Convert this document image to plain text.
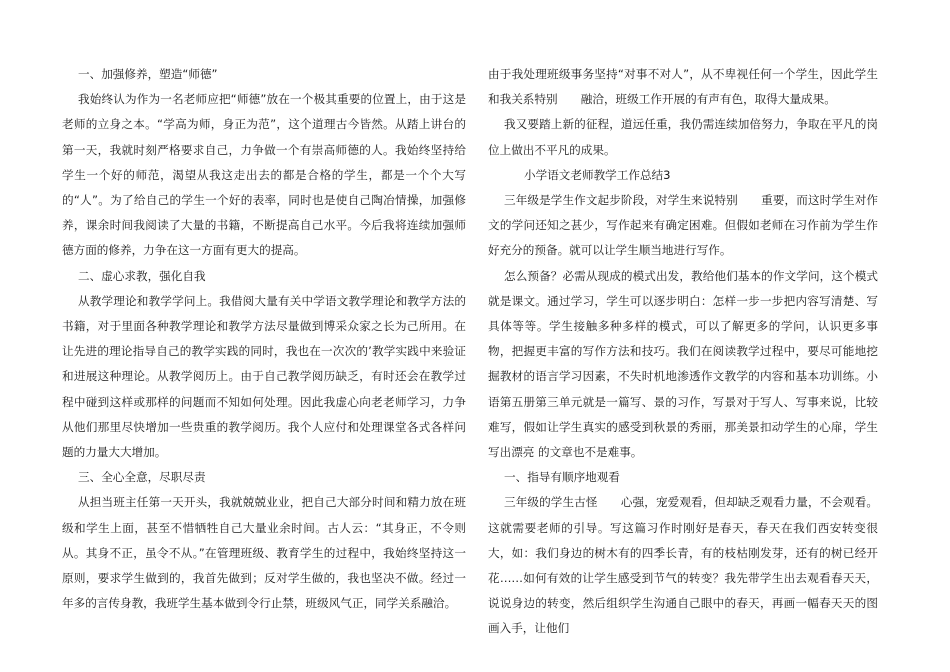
一、加强修养，塑造“师德”

我始终认为作为一名老师应把“师德”放在一个极其重要的位置上，由于这是老师的立身之本。“学高为师，身正为范”，这个道理古今皆然。从踏上讲台的第一天，我就时刻严格要求自己，力争做一个有崇高师德的人。我始终坚持给学生一个好的师范，渴望从我这走出去的都是合格的学生，都是一个个大写的“人”。为了给自己的学生一个好的表率，同时也是使自己陶冶情操，加强修养，课余时间我阅读了大量的书籍，不断提高自己水平。今后我将连续加强师德方面的修养，力争在这一方面有更大的提高。

二、虚心求教，强化自我

从教学理论和教学学问上。我借阅大量有关中学语文教学理论和教学方法的书籍，对于里面各种教学理论和教学方法尽量做到博采众家之长为己所用。在让先进的理论指导自己的教学实践的同时，我也在一次次的’教学实践中来验证和进展这种理论。从教学阅历上。由于自己教学阅历缺乏，有时还会在教学过程中碰到这样或那样的问题而不知如何处理。因此我虚心向老老师学习，力争从他们那里尽快增加一些贵重的教学阅历。我个人应付和处理课堂各式各样问题的力量大大增加。

三、全心全意，尽职尽责

从担当班主任第一天开头，我就兢兢业业，把自己大部分时间和精力放在班级和学生上面，甚至不惜牺牲自己大量业余时间。古人云：“其身正，不令则从。其身不正，虽令不从。”在管理班级、教育学生的过程中，我始终坚持这一原则，要求学生做到的，我首先做到；反对学生做的，我也坚决不做。经过一年多的言传身教，我班学生基本做到令行止禁，班级风气正，同学关系融洽。

由于我处理班级事务坚持“对事不对人”，从不卑视任何一个学生，因此学生和我关系特别　　融洽，班级工作开展的有声有色，取得大量成果。

我又要踏上新的征程，道远任重，我仍需连续加倍努力，争取在平凡的岗位上做出不平凡的成果。

小学语文老师教学工作总结3

三年级是学生作文起步阶段，对学生来说特别　　重要，而这时学生对作文的学问还知之甚少，写作起来有确定困难。但假如老师在习作前为学生作好充分的预备。就可以让学生顺当地进行写作。

怎么预备？必需从现成的模式出发，教给他们基本的作文学问，这个模式就是课文。通过学习，学生可以逐步明白：怎样一步一步把内容写清楚、写具体等等。学生接触多种多样的模式，可以了解更多的学问，认识更多事物，把握更丰富的写作方法和技巧。我们在阅读教学过程中，要尽可能地挖掘教材的语言学习因素，不失时机地渗透作文教学的内容和基本功训练。小语第五册第三单元就是一篇写、景的习作，写景对于写人、写事来说，比较难写，假如让学生真实的感受到秋景的秀丽，那美景扣动学生的心扉，学生写出漂亮 的文章也不是难事。

一、指导有顺序地观看

三年级的学生古怪　　心强，宠爱观看，但却缺乏观看力量，不会观看。这就需要老师的引导。写这篇习作时刚好是春天，春天在我们西安转变很大，如：我们身边的树木有的四季长青，有的枝枯刚发芽，还有的树已经开花……如何有效的让学生感受到节气的转变？我先带学生出去观看春天天，说说身边的转变，然后组织学生沟通自己眼中的春天，再画一幅春天天的图画入手，让他们
